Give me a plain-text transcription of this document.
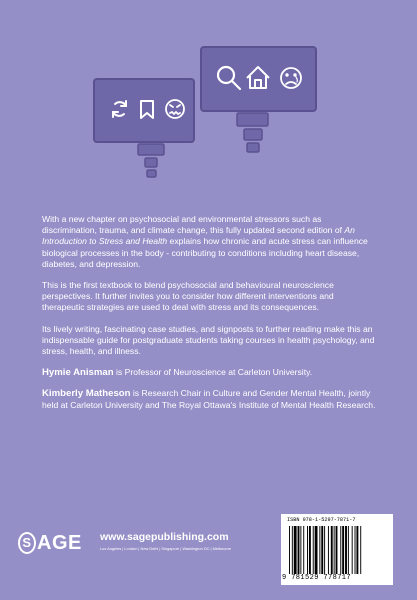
With a new chapter on psychosocial and environmental stressors such as discrimination, trauma, and climate change, this fully updated second edition of An Introduction to Stress and Health explains how chronic and acute stress can influence biological processes in the body - contributing to conditions including heart disease, diabetes, and depression.

This is the first textbook to blend psychosocial and behavioural neuroscience perspectives. It further invites you to consider how different interventions and therapeutic strategies are used to deal with stress and its consequences.

Its lively writing, fascinating case studies, and signposts to further reading make this an indispensable guide for postgraduate students taking courses in health psychology, and stress, health, and illness.

Hymie Anisman is Professor of Neuroscience at Carleton University.

Kimberly Matheson is Research Chair in Culture and Gender Mental Health, jointly held at Carleton University and The Royal Ottawa's Institute of Mental Health Research.

S AGE www.sagepublishing.com
Los Angeles | London | New Delhi | Singapore | Washington DC | Melbourne
ISBN 978-1-5297-7871-7
9 781529 778717
